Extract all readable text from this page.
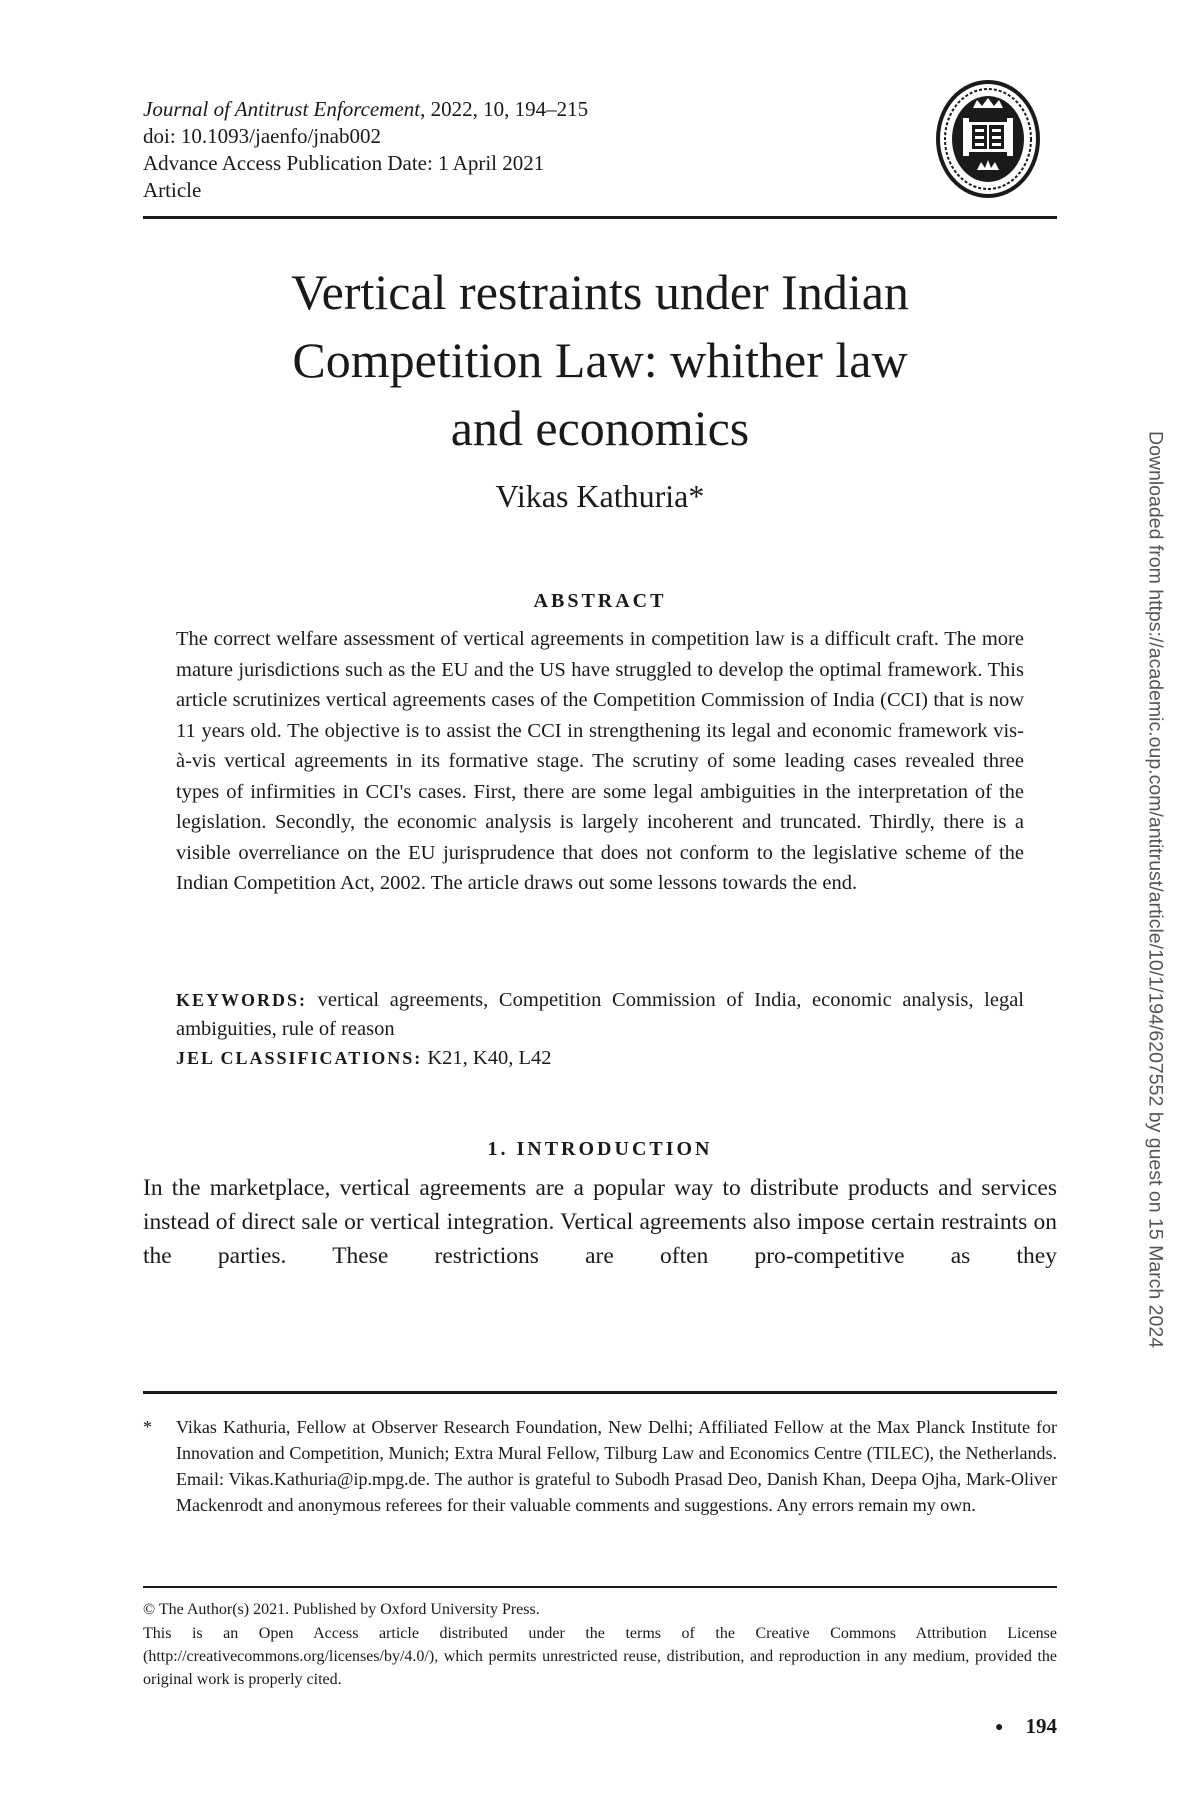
Journal of Antitrust Enforcement, 2022, 10, 194–215
doi: 10.1093/jaenfo/jnab002
Advance Access Publication Date: 1 April 2021
Article
Vertical restraints under Indian
Competition Law: whither law
and economics
Vikas Kathuria*
ABSTRACT

The correct welfare assessment of vertical agreements in competition law is a difficult craft. The more mature jurisdictions such as the EU and the US have struggled to develop the optimal framework. This article scrutinizes vertical agreements cases of the Competition Commission of India (CCI) that is now 11 years old. The objective is to assist the CCI in strengthening its legal and economic framework vis-à-vis vertical agreements in its formative stage. The scrutiny of some leading cases revealed three types of infirmities in CCI's cases. First, there are some legal ambiguities in the interpretation of the legislation. Secondly, the economic analysis is largely incoherent and truncated. Thirdly, there is a visible overreliance on the EU jurisprudence that does not conform to the legislative scheme of the Indian Competition Act, 2002. The article draws out some lessons towards the end.

KEYWORDS: vertical agreements, Competition Commission of India, economic analysis, legal ambiguities, rule of reason
JEL CLASSIFICATIONS: K21, K40, L42
1. INTRODUCTION

In the marketplace, vertical agreements are a popular way to distribute products and services instead of direct sale or vertical integration. Vertical agreements also impose certain restraints on the parties. These restrictions are often pro-competitive as they

* Vikas Kathuria, Fellow at Observer Research Foundation, New Delhi; Affiliated Fellow at the Max Planck Institute for Innovation and Competition, Munich; Extra Mural Fellow, Tilburg Law and Economics Centre (TILEC), the Netherlands. Email: Vikas.Kathuria@ip.mpg.de. The author is grateful to Subodh Prasad Deo, Danish Khan, Deepa Ojha, Mark-Oliver Mackenrodt and anonymous referees for their valuable comments and suggestions. Any errors remain my own.
© The Author(s) 2021. Published by Oxford University Press.
This is an Open Access article distributed under the terms of the Creative Commons Attribution License (http://creativecommons.org/licenses/by/4.0/), which permits unrestricted reuse, distribution, and reproduction in any medium, provided the original work is properly cited.
● 194
Downloaded from https://academic.oup.com/antitrust/article/10/1/194/6207552 by guest on 15 March 2024
